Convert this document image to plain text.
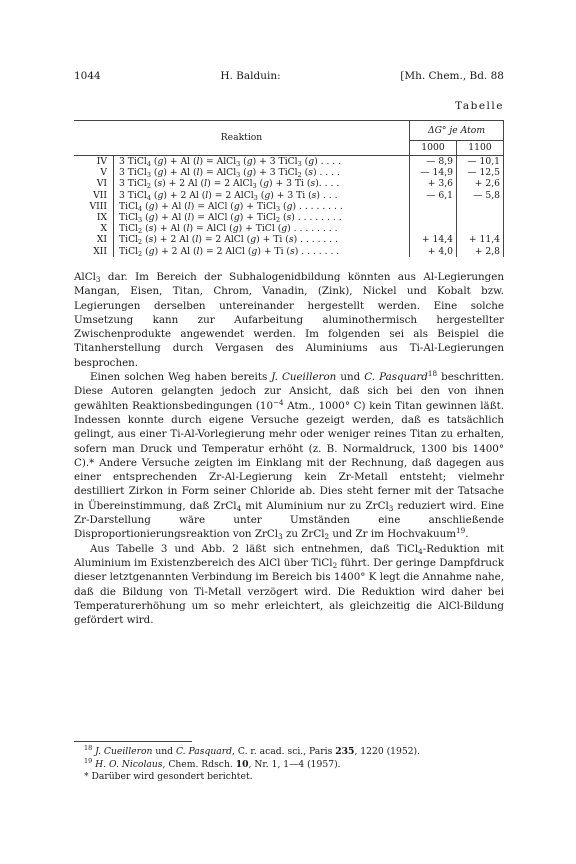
1044	H. Balduin:	[Mh. Chem., Bd. 88
Tabelle
Reaktion		ΔG° je Atom	
		1000	1100
IV	3 TiCl$_4$ (g) + Al (l) = AlCl$_3$ (g) + 3 TiCl$_3$ (g) . . . .	— 8,9	— 10,1
V	3 TiCl$_3$ (g) + Al (l) = AlCl$_3$ (g) + 3 TiCl$_2$ (s) . . . .	— 14,9	— 12,5
VI	3 TiCl$_2$ (s) + 2 Al (l) = 2 AlCl$_3$ (g) + 3 Ti (s). . . .	+ 3,6	+ 2,6
VII	3 TiCl$_4$ (g) + 2 Al (l) = 2 AlCl$_3$ (g) + 3 Ti (s) . . .	— 6,1	— 5,8
VIII	TiCl$_4$ (g) + Al (l) = AlCl (g) + TiCl$_3$ (g) . . . . . . . .		
IX	TiCl$_3$ (g) + Al (l) = AlCl (g) + TiCl$_2$ (s) . . . . . . . .		
X	TiCl$_2$ (s) + Al (l) = AlCl (g) + TiCl (g) . . . . . . . .		
XI	TiCl$_2$ (s) + 2 Al (l) = 2 AlCl (g) + Ti (s) . . . . . . .	+ 14,4	+ 11,4
XII	TiCl$_2$ (g) + 2 Al (l) = 2 AlCl (g) + Ti (s) . . . . . . .	+ 4,0	+ 2,8

AlCl$_3$ dar. Im Bereich der Subhalogenidbildung könnten aus Al-Legierungen Mangan, Eisen, Titan, Chrom, Vanadin, (Zink), Nickel und Kobalt bzw. Legierungen derselben untereinander hergestellt werden. Eine solche Umsetzung kann zur Aufarbeitung aluminothermisch hergestellter Zwischenprodukte angewendet werden. Im folgenden sei als Beispiel die Titanherstellung durch Vergasen des Aluminiums aus Ti-Al-Legierungen besprochen.

Einen solchen Weg haben bereits J. Cueilleron und C. Pasquard$^{18}$ beschritten. Diese Autoren gelangten jedoch zur Ansicht, daß sich bei den von ihnen gewählten Reaktionsbedingungen ($10^{-4}$ Atm., 1000° C) kein Titan gewinnen läßt. Indessen konnte durch eigene Versuche gezeigt werden, daß es tatsächlich gelingt, aus einer Ti-Al-Vorlegierung mehr oder weniger reines Titan zu erhalten, sofern man Druck und Temperatur erhöht (z. B. Normaldruck, 1300 bis 1400° C).* Andere Versuche zeigten im Einklang mit der Rechnung, daß dagegen aus einer entsprechenden Zr-Al-Legierung kein Zr-Metall entsteht; vielmehr destilliert Zirkon in Form seiner Chloride ab. Dies steht ferner mit der Tatsache in Übereinstimmung, daß ZrCl$_4$ mit Aluminium nur zu ZrCl$_3$ reduziert wird. Eine Zr-Darstellung wäre unter Umständen eine anschließende Disproportionierungsreaktion von ZrCl$_3$ zu ZrCl$_2$ und Zr im Hochvakuum$^{19}$.

Aus Tabelle 3 und Abb. 2 läßt sich entnehmen, daß TiCl$_4$-Reduktion mit Aluminium im Existenzbereich des AlCl über TiCl$_2$ führt. Der geringe Dampfdruck dieser letztgenannten Verbindung im Bereich bis 1400° K legt die Annahme nahe, daß die Bildung von Ti-Metall verzögert wird. Die Reduktion wird daher bei Temperaturerhöhung um so mehr erleichtert, als gleichzeitig die AlCl-Bildung gefördert wird.

$^{18}$ J. Cueilleron und C. Pasquard, C. r. acad. sci., Paris 235, 1220 (1952).
$^{19}$ H. O. Nicolaus, Chem. Rdsch. 10, Nr. 1, 1—4 (1957).
* Darüber wird gesondert berichtet.
